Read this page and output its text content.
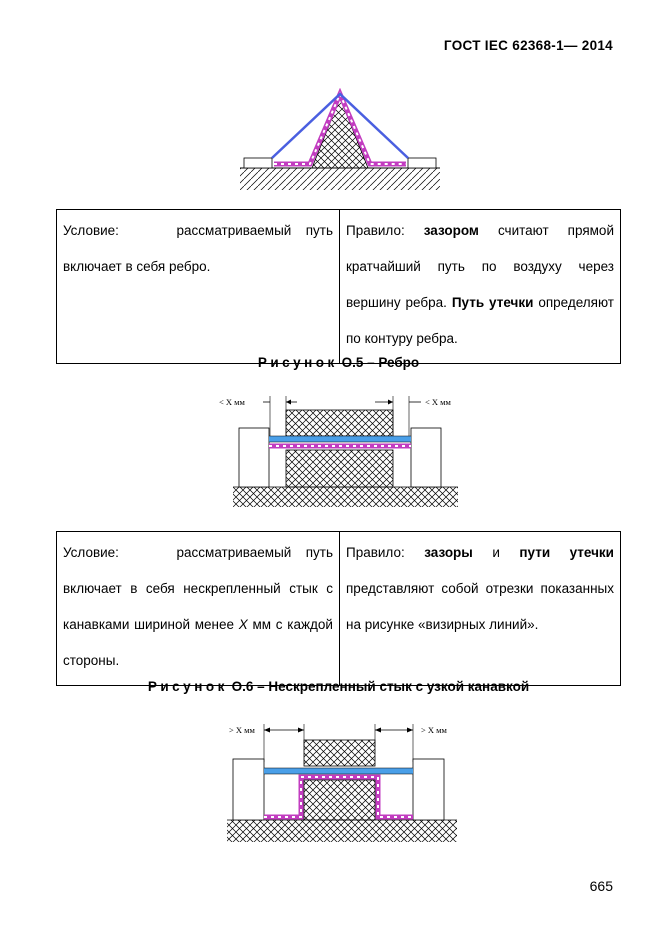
ГОСТ IEC 62368-1— 2014
Условие:	рассматриваемый путь включает в себя ребро.	Правило: зазором считают прямой кратчайший путь по воздуху через вершину ребра. Путь утечки определяют по контуру ребра.
Рисунок О.5 – Ребро
< X мм	< X мм
Условие:	рассматриваемый путь включает в себя нескрепленный стык с канавками шириной менее X мм с каждой стороны.	Правило: зазоры и пути утечки представляют собой отрезки показанных на рисунке «визирных линий».
Рисунок О.6 – Нескрепленный стык с узкой канавкой
> X мм	> X мм
665
